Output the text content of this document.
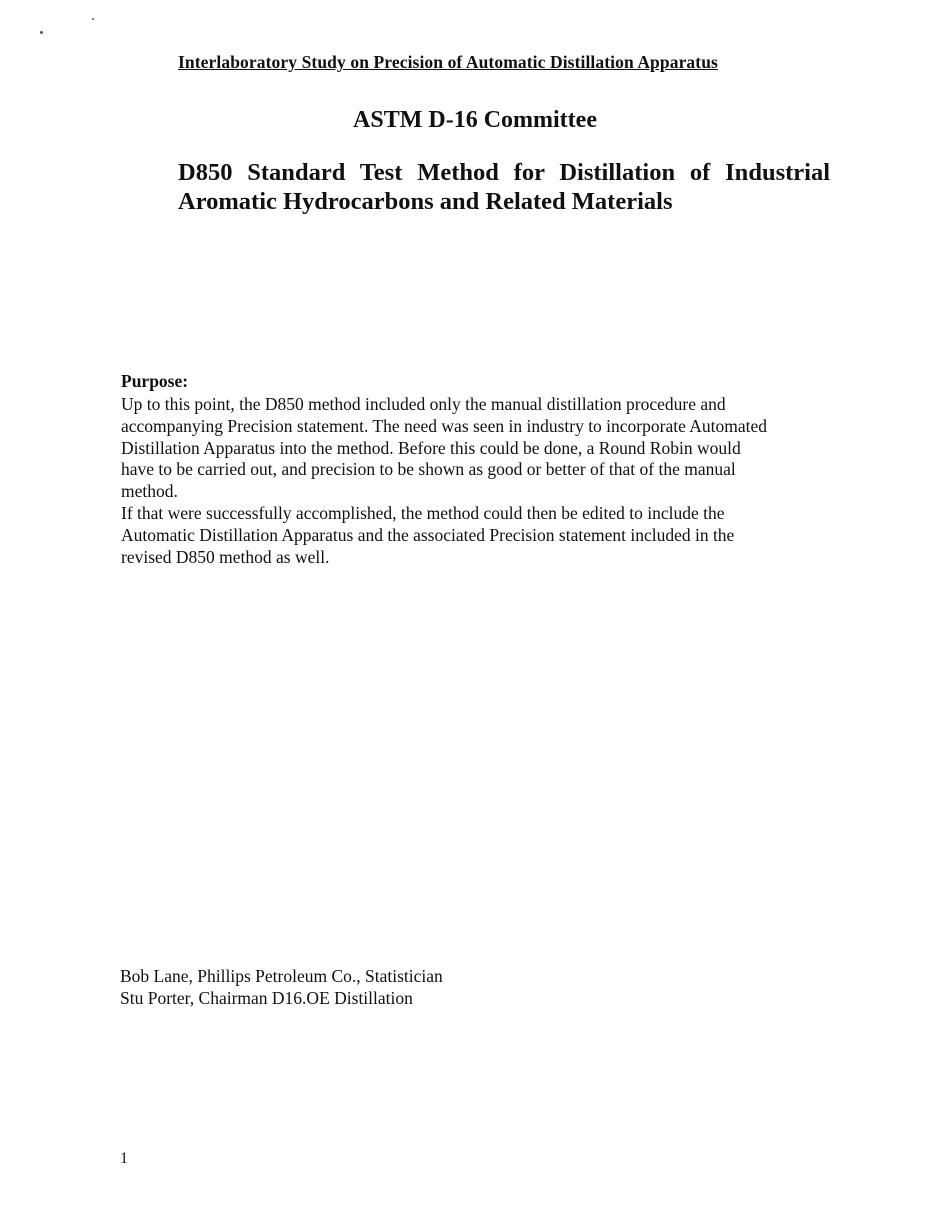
Interlaboratory Study on Precision of Automatic Distillation Apparatus
ASTM D-16 Committee
D850 Standard Test Method for Distillation of Industrial
Aromatic Hydrocarbons and Related Materials
Purpose:
Up to this point, the D850 method included only the manual distillation procedure and
accompanying Precision statement. The need was seen in industry to incorporate Automated
Distillation Apparatus into the method. Before this could be done, a Round Robin would
have to be carried out, and precision to be shown as good or better of that of the manual
method.
If that were successfully accomplished, the method could then be edited to include the
Automatic Distillation Apparatus and the associated Precision statement included in the
revised D850 method as well.
Bob Lane, Phillips Petroleum Co., Statistician
Stu Porter, Chairman D16.OE Distillation
1
